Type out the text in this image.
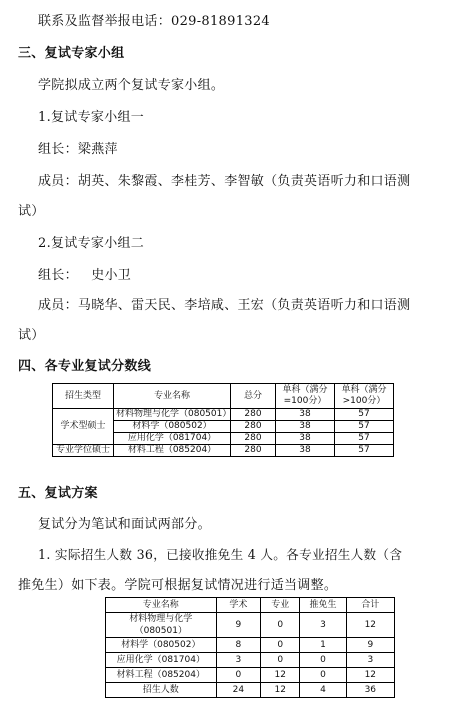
联系及监督举报电话：029-81891324
三、复试专家小组
学院拟成立两个复试专家小组。
1.复试专家小组一
组长：梁燕萍
成员：胡英、朱黎霞、李桂芳、李智敏（负责英语听力和口语测
试）
2.复试专家小组二
组长：   史小卫
成员：马晓华、雷天民、李培咸、王宏（负责英语听力和口语测
试）
四、各专业复试分数线
招生类型	专业名称	总分	单科（满分=100分）	单科（满分>100分）
学术型硕士	材料物理与化学（080501）	280	38	57
	材料学（080502）	280	38	57
	应用化学（081704）	280	38	57
专业学位硕士	材料工程（085204）	280	38	57
五、复试方案
复试分为笔试和面试两部分。
1. 实际招生人数 36，已接收推免生 4 人。各专业招生人数（含
推免生）如下表。学院可根据复试情况进行适当调整。
专业名称	学术	专业	推免生	合计
材料物理与化学（080501）	9	0	3	12
材料学（080502）	8	0	1	9
应用化学（081704）	3	0	0	3
材料工程（085204）	0	12	0	12
招生人数	24	12	4	36
